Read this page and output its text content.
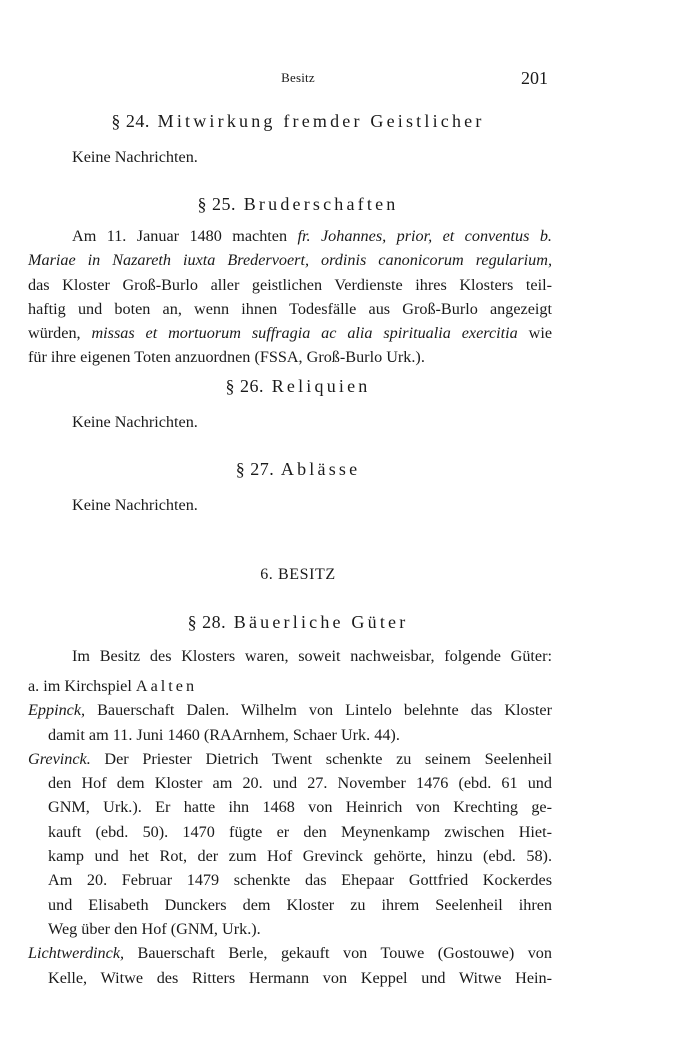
Besitz	201
§ 24. Mitwirkung fremder Geistlicher
Keine Nachrichten.
§ 25. Bruderschaften
Am 11. Januar 1480 machten fr. Johannes, prior, et conventus b.
Mariae in Nazareth iuxta Bredervoert, ordinis canonicorum regularium,
das Kloster Groß-Burlo aller geistlichen Verdienste ihres Klosters teil-
haftig und boten an, wenn ihnen Todesfälle aus Groß-Burlo angezeigt
würden, missas et mortuorum suffragia ac alia spiritualia exercitia wie
für ihre eigenen Toten anzuordnen (FSSA, Groß-Burlo Urk.).
§ 26. Reliquien
Keine Nachrichten.
§ 27. Ablässe
Keine Nachrichten.
6. BESITZ
§ 28. Bäuerliche Güter
Im Besitz des Klosters waren, soweit nachweisbar, folgende Güter:
a. im Kirchspiel Aalten
Eppinck, Bauerschaft Dalen. Wilhelm von Lintelo belehnte das Kloster
damit am 11. Juni 1460 (RAArnhem, Schaer Urk. 44).
Grevinck. Der Priester Dietrich Twent schenkte zu seinem Seelenheil
den Hof dem Kloster am 20. und 27. November 1476 (ebd. 61 und
GNM, Urk.). Er hatte ihn 1468 von Heinrich von Krechting ge-
kauft (ebd. 50). 1470 fügte er den Meynenkamp zwischen Hiet-
kamp und het Rot, der zum Hof Grevinck gehörte, hinzu (ebd. 58).
Am 20. Februar 1479 schenkte das Ehepaar Gottfried Kockerdes
und Elisabeth Dunckers dem Kloster zu ihrem Seelenheil ihren
Weg über den Hof (GNM, Urk.).
Lichtwerdinck, Bauerschaft Berle, gekauft von Touwe (Gostouwe) von
Kelle, Witwe des Ritters Hermann von Keppel und Witwe Hein-
